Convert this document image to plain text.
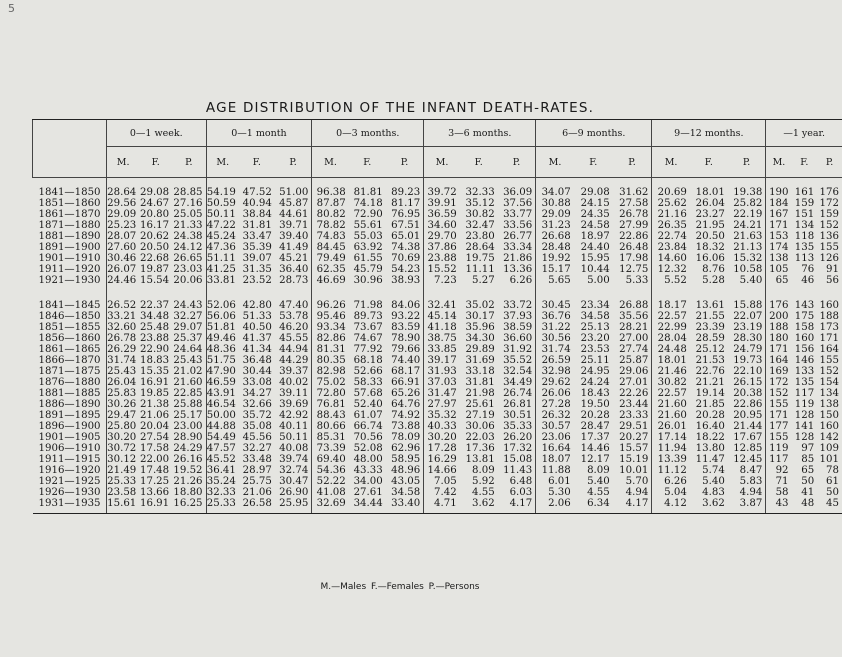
5
AGE DISTRIBUTION OF THE INFANT DEATH-RATES.
	0—1 week.			0—1 month			0—3 months.			3—6 months.			6—9 months.			9—12 months.			—1 year.		
	M.	F.	P.	M.	F.	P.	M.	F.	P.	M.	F.	P.	M.	F.	P.	M.	F.	P.	M.	F.	P.
1841—1850	28.64	29.08	28.85	54.19	47.52	51.00	96.38	81.81	89.23	39.72	32.33	36.09	34.07	29.08	31.62	20.69	18.01	19.38	190	161	176
1851—1860	29.56	24.67	27.16	50.59	40.94	45.87	87.87	74.18	81.17	39.91	35.12	37.56	30.88	24.15	27.58	25.62	26.04	25.82	184	159	172
1861—1870	29.09	20.80	25.05	50.11	38.84	44.61	80.82	72.90	76.95	36.59	30.82	33.77	29.09	24.35	26.78	21.16	23.27	22.19	167	151	159
1871—1880	25.23	16.17	21.33	47.22	31.81	39.71	78.82	55.61	67.51	34.60	32.47	33.56	31.23	24.58	27.99	26.35	21.95	24.21	171	134	152
1881—1890	28.07	20.62	24.38	45.24	33.47	39.40	74.83	55.03	65.01	29.70	23.80	26.77	26.68	18.97	22.86	22.74	20.50	21.63	153	118	136
1891—1900	27.60	20.50	24.12	47.36	35.39	41.49	84.45	63.92	74.38	37.86	28.64	33.34	28.48	24.40	26.48	23.84	18.32	21.13	174	135	155
1901—1910	30.46	22.68	26.65	51.11	39.07	45.21	79.49	61.55	70.69	23.88	19.75	21.86	19.92	15.95	17.98	14.60	16.06	15.32	138	113	126
1911—1920	26.07	19.87	23.03	41.25	31.35	36.40	62.35	45.79	54.23	15.52	11.11	13.36	15.17	10.44	12.75	12.32	8.76	10.58	105	76	91
1921—1930	24.46	15.54	20.06	33.81	23.52	28.73	46.69	30.96	38.93	7.23	5.27	6.26	5.65	5.00	5.33	5.52	5.28	5.40	65	46	56
1841—1845	26.52	22.37	24.43	52.06	42.80	47.40	96.26	71.98	84.06	32.41	35.02	33.72	30.45	23.34	26.88	18.17	13.61	15.88	176	143	160
1846—1850	33.21	34.48	32.27	56.06	51.33	53.78	95.46	89.73	93.22	45.14	30.17	37.93	36.76	34.58	35.56	22.57	21.55	22.07	200	175	188
1851—1855	32.60	25.48	29.07	51.81	40.50	46.20	93.34	73.67	83.59	41.18	35.96	38.59	31.22	25.13	28.21	22.99	23.39	23.19	188	158	173
1856—1860	26.78	23.88	25.37	49.46	41.37	45.55	82.86	74.67	78.90	38.75	34.30	36.60	30.56	23.20	27.00	28.04	28.59	28.30	180	160	171
1861—1865	26.29	22.90	24.64	48.36	41.34	44.94	81.31	77.92	79.66	33.85	29.89	31.92	31.74	23.53	27.74	24.48	25.12	24.79	171	156	164
1866—1870	31.74	18.83	25.43	51.75	36.48	44.29	80.35	68.18	74.40	39.17	31.69	35.52	26.59	25.11	25.87	18.01	21.53	19.73	164	146	155
1871—1875	25.43	15.35	21.02	47.90	30.44	39.37	82.98	52.66	68.17	31.93	33.18	32.54	32.98	24.95	29.06	21.46	22.76	22.10	169	133	152
1876—1880	26.04	16.91	21.60	46.59	33.08	40.02	75.02	58.33	66.91	37.03	31.81	34.49	29.62	24.24	27.01	30.82	21.21	26.15	172	135	154
1881—1885	25.83	19.85	22.85	43.91	34.27	39.11	72.80	57.68	65.26	31.47	21.98	26.74	26.06	18.43	22.26	22.57	19.14	20.38	152	117	134
1886—1890	30.26	21.38	25.88	46.54	32.66	39.69	76.81	52.40	64.76	27.97	25.61	26.81	27.28	19.50	23.44	21.60	21.85	22.86	155	119	138
1891—1895	29.47	21.06	25.17	50.00	35.72	42.92	88.43	61.07	74.92	35.32	27.19	30.51	26.32	20.28	23.33	21.60	20.28	20.95	171	128	150
1896—1900	25.80	20.04	23.00	44.88	35.08	40.11	80.66	66.74	73.88	40.33	30.06	35.33	30.57	28.47	29.51	26.01	16.40	21.44	177	141	160
1901—1905	30.20	27.54	28.90	54.49	45.56	50.11	85.31	70.56	78.09	30.20	22.03	26.20	23.06	17.37	20.27	17.14	18.22	17.67	155	128	142
1906—1910	30.72	17.58	24.29	47.57	32.27	40.08	73.39	52.08	62.96	17.28	17.36	17.32	16.64	14.46	15.57	11.94	13.80	12.85	119	97	109
1911—1915	30.12	22.00	26.16	45.52	33.48	39.74	69.40	48.00	58.95	16.29	13.81	15.08	18.07	12.17	15.19	13.39	11.47	12.45	117	85	101
1916—1920	21.49	17.48	19.52	36.41	28.97	32.74	54.36	43.33	48.96	14.66	8.09	11.43	11.88	8.09	10.01	11.12	5.74	8.47	92	65	78
1921—1925	25.33	17.25	21.26	35.24	25.75	30.47	52.22	34.00	43.05	7.05	5.92	6.48	6.01	5.40	5.70	6.26	5.40	5.83	71	50	61
1926—1930	23.58	13.66	18.80	32.33	21.06	26.90	41.08	27.61	34.58	7.42	4.55	6.03	5.30	4.55	4.94	5.04	4.83	4.94	58	41	50
1931—1935	15.61	16.91	16.25	25.33	26.58	25.95	32.69	34.44	33.40	4.71	3.62	4.17	2.06	6.34	4.17	4.12	3.62	3.87	43	48	45
M.—Males F.—Females P.—Persons
